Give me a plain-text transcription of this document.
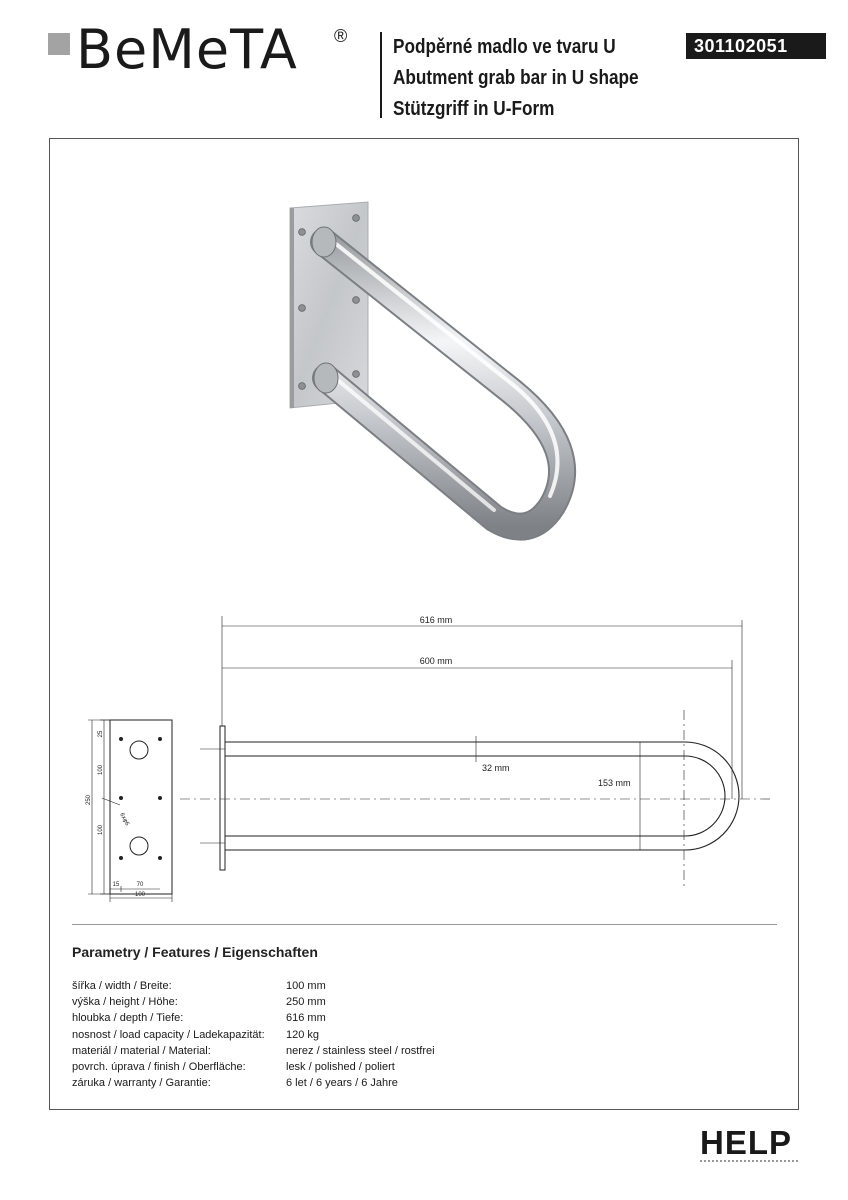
BeMeTA ® Podpěrné madlo ve tvaru U
Abutment grab bar in U shape
Stützgriff in U-Form
301102051
25
100
250
100
15	70
100
6xφ6
616 mm
600 mm
32 mm
153 mm
Parametry / Features / Eigenschaften
šířka / width / Breite:	100 mm
výška / height / Höhe:	250 mm
hloubka / depth / Tiefe:	616 mm
nosnost / load capacity / Ladekapazität:	120 kg
materiál / material / Material:	nerez / stainless steel / rostfrei
povrch. úprava / finish / Oberfläche:	lesk / polished / poliert
záruka / warranty / Garantie:	6 let / 6 years / 6 Jahre
HELP
